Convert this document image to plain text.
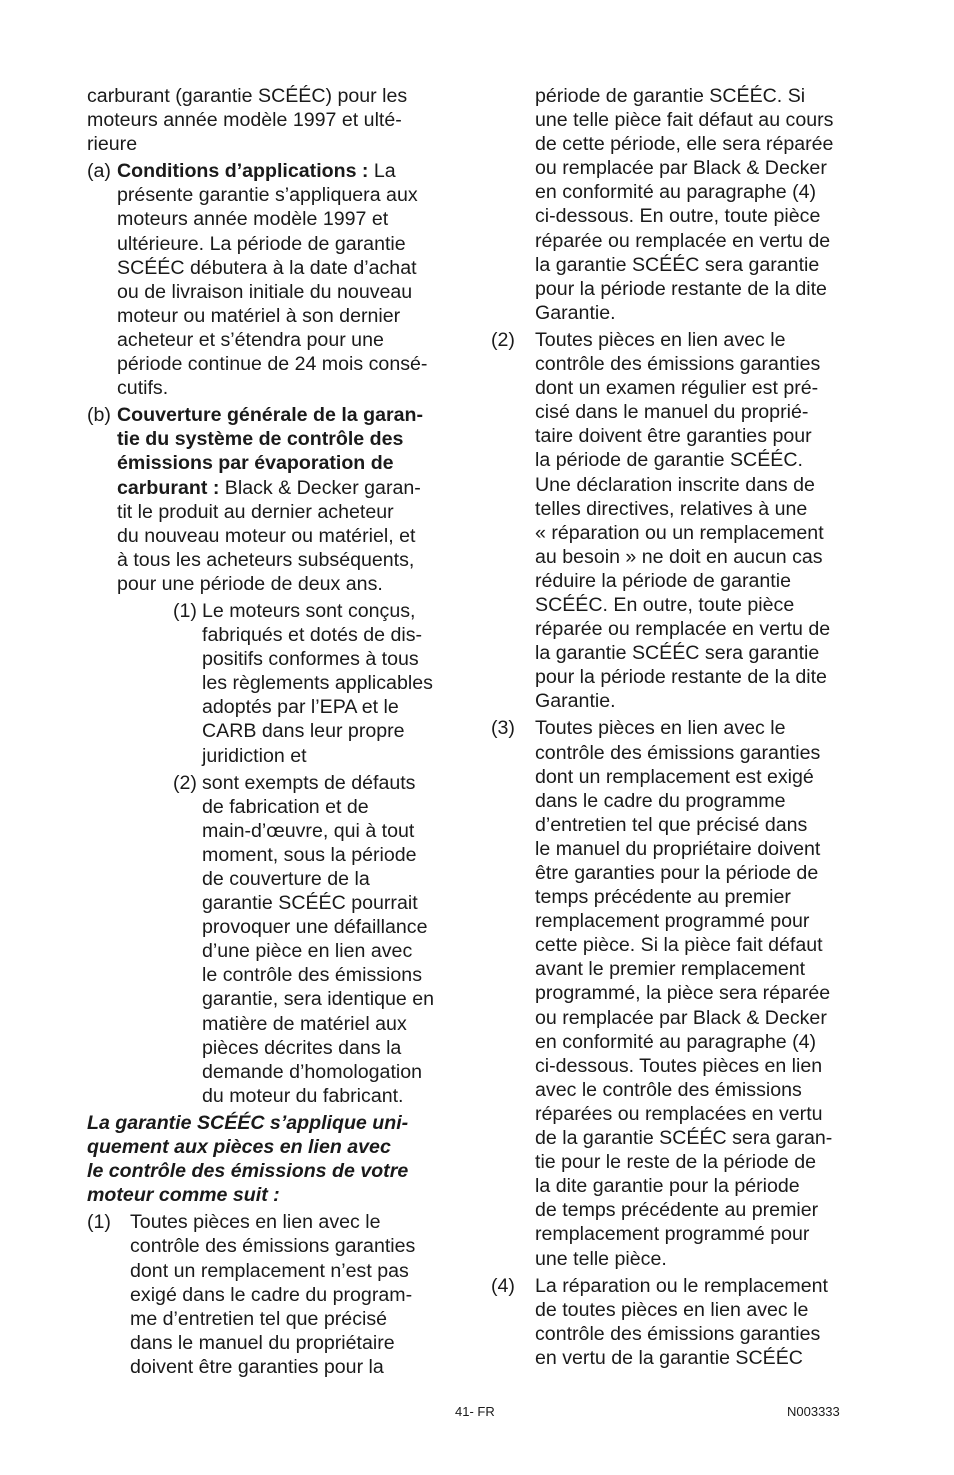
carburant (garantie SCÉÉC) pour les
moteurs année modèle 1997 et ulté-
rieure
(a) Conditions d’applications : La
présente garantie s’appliquera aux
moteurs année modèle 1997 et
ultérieure. La période de garantie
SCÉÉC débutera à la date d’achat
ou de livraison initiale du nouveau
moteur ou matériel à son dernier
acheteur et s’étendra pour une
période continue de 24 mois consé-
cutifs.
(b) Couverture générale de la garan-
tie du système de contrôle des
émissions par évaporation de
carburant : Black & Decker garan-
tit le produit au dernier acheteur
du nouveau moteur ou matériel, et
à tous les acheteurs subséquents,
pour une période de deux ans.
(1) Le moteurs sont conçus,
fabriqués et dotés de dis-
positifs conformes à tous
les règlements applicables
adoptés par l’EPA et le
CARB dans leur propre
juridiction et
(2) sont exempts de défauts
de fabrication et de
main-d’œuvre, qui à tout
moment, sous la période
de couverture de la
garantie SCÉÉC pourrait
provoquer une défaillance
d’une pièce en lien avec
le contrôle des émissions
garantie, sera identique en
matière de matériel aux
pièces décrites dans la
demande d’homologation
du moteur du fabricant.
La garantie SCÉÉC s’applique uni-
quement aux pièces en lien avec
le contrôle des émissions de votre
moteur comme suit :
(1) Toutes pièces en lien avec le
contrôle des émissions garanties
dont un remplacement n’est pas
exigé dans le cadre du program-
me d’entretien tel que précisé
dans le manuel du propriétaire
doivent être garanties pour la
période de garantie SCÉÉC. Si
une telle pièce fait défaut au cours
de cette période, elle sera réparée
ou remplacée par Black & Decker
en conformité au paragraphe (4)
ci-dessous. En outre, toute pièce
réparée ou remplacée en vertu de
la garantie SCÉÉC sera garantie
pour la période restante de la dite
Garantie.
(2) Toutes pièces en lien avec le
contrôle des émissions garanties
dont un examen régulier est pré-
cisé dans le manuel du proprié-
taire doivent être garanties pour
la période de garantie SCÉÉC.
Une déclaration inscrite dans de
telles directives, relatives à une
« réparation ou un remplacement
au besoin » ne doit en aucun cas
réduire la période de garantie
SCÉÉC. En outre, toute pièce
réparée ou remplacée en vertu de
la garantie SCÉÉC sera garantie
pour la période restante de la dite
Garantie.
(3) Toutes pièces en lien avec le
contrôle des émissions garanties
dont un remplacement est exigé
dans le cadre du programme
d’entretien tel que précisé dans
le manuel du propriétaire doivent
être garanties pour la période de
temps précédente au premier
remplacement programmé pour
cette pièce. Si la pièce fait défaut
avant le premier remplacement
programmé, la pièce sera réparée
ou remplacée par Black & Decker
en conformité au paragraphe (4)
ci-dessous. Toutes pièces en lien
avec le contrôle des émissions
réparées ou remplacées en vertu
de la garantie SCÉÉC sera garan-
tie pour le reste de la période de
la dite garantie pour la période
de temps précédente au premier
remplacement programmé pour
une telle pièce.
(4) La réparation ou le remplacement
de toutes pièces en lien avec le
contrôle des émissions garanties
en vertu de la garantie SCÉÉC
41- FR	N003333
